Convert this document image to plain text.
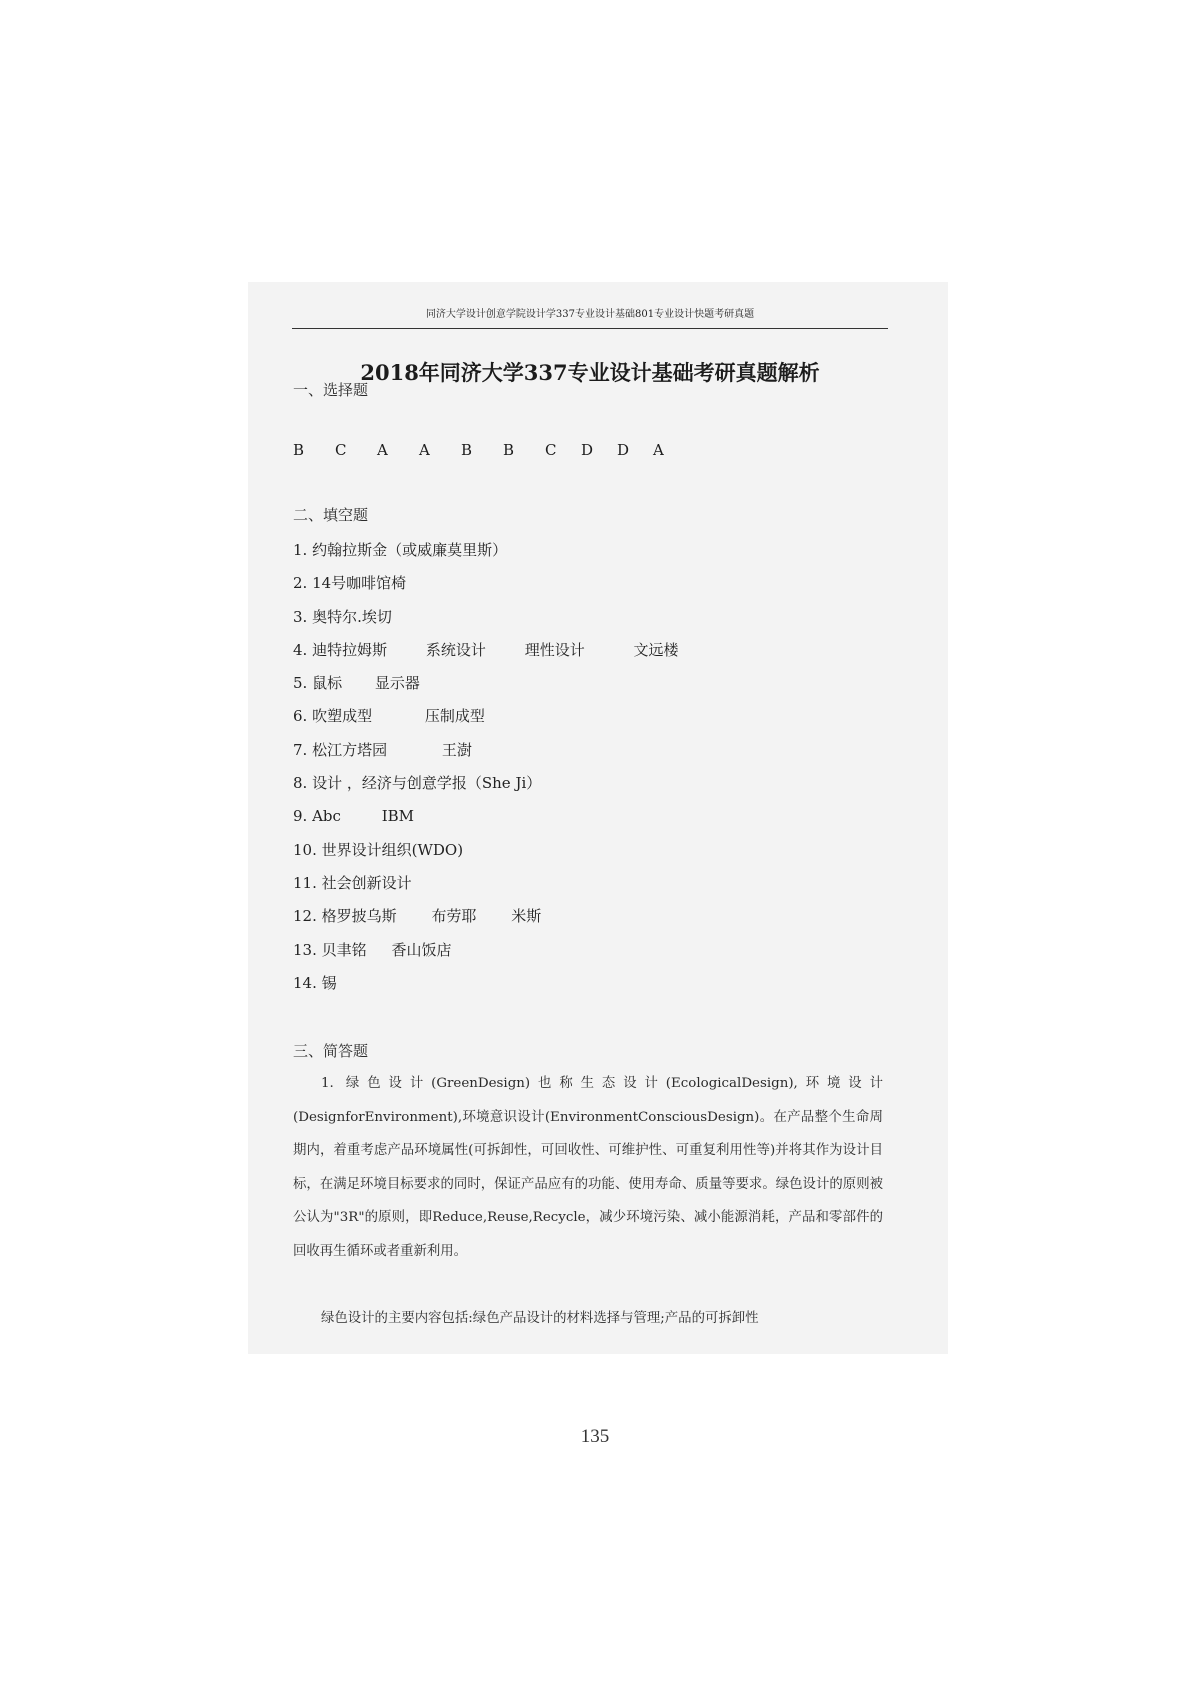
同济大学设计创意学院设计学337专业设计基础801专业设计快题考研真题
2018年同济大学337专业设计基础考研真题解析
一、选择题
B C A A B B C D D A
二、填空题
1. 约翰拉斯金（或威廉莫里斯）
2. 14号咖啡馆椅
3. 奥特尔.埃切
4. 迪特拉姆斯	系统设计	理性设计	文远楼
5. 鼠标 显示器
6. 吹塑成型	压制成型
7. 松江方塔园	王澍
8. 设计 ，经济与创意学报（She Ji）
9. Abc	IBM
10. 世界设计组织(WDO)
11. 社会创新设计
12. 格罗披乌斯 布劳耶 米斯
13. 贝聿铭 香山饭店
14. 锡
三、简答题
1. 绿色设计(GreenDesign)也称生态设计(EcologicalDesign),环境设计(DesignforEnvironment),环境意识设计(EnvironmentConsciousDesign)。在产品整个生命周期内，着重考虑产品环境属性(可拆卸性，可回收性、可维护性、可重复利用性等)并将其作为设计目标，在满足环境目标要求的同时，保证产品应有的功能、使用寿命、质量等要求。绿色设计的原则被公认为"3R"的原则，即Reduce,Reuse,Recycle，减少环境污染、减小能源消耗，产品和零部件的回收再生循环或者重新利用。
绿色设计的主要内容包括:绿色产品设计的材料选择与管理;产品的可拆卸性
135
